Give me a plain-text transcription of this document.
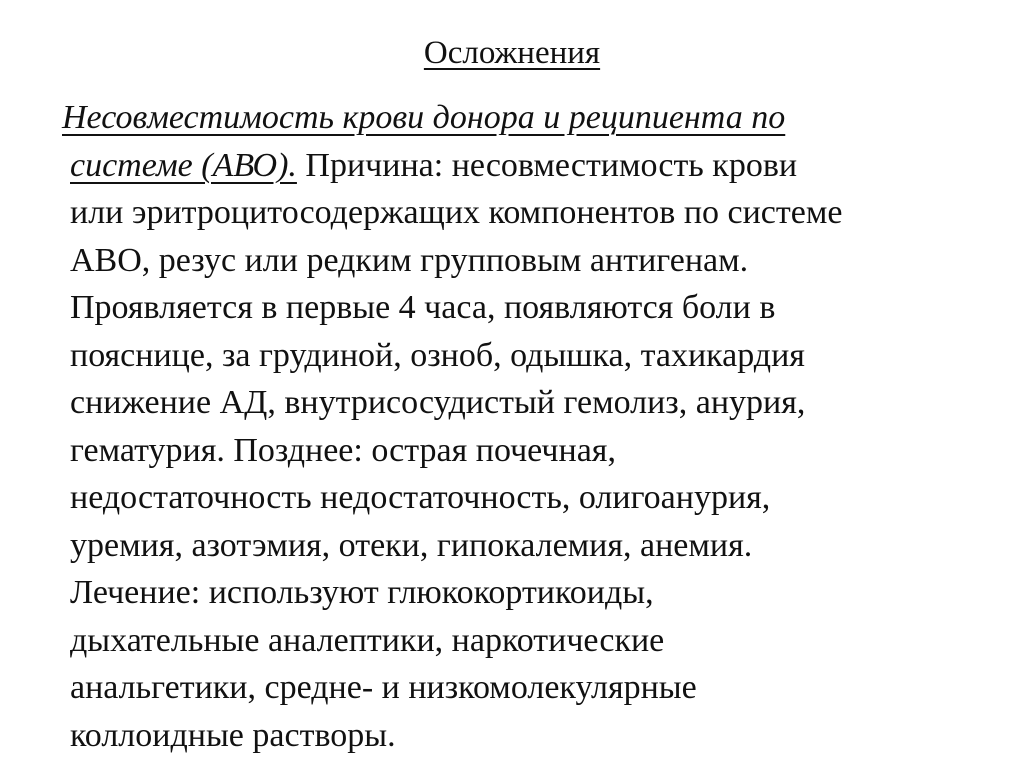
Осложнения
Несовместимость крови донора и реципиента по
системе (АВО). Причина: несовместимость крови
или эритроцитосодержащих компонентов по системе
АВО, резус или редким групповым антигенам.
Проявляется в первые 4 часа, появляются боли в
пояснице, за грудиной, озноб, одышка, тахикардия
снижение АД, внутрисосудистый гемолиз, анурия,
гематурия. Позднее: острая почечная,
недостаточность недостаточность, олигоанурия,
уремия, азотэмия, отеки, гипокалемия, анемия.
Лечение: используют глюкокортикоиды,
дыхательные аналептики, наркотические
анальгетики, средне- и низкомолекулярные
коллоидные растворы.
